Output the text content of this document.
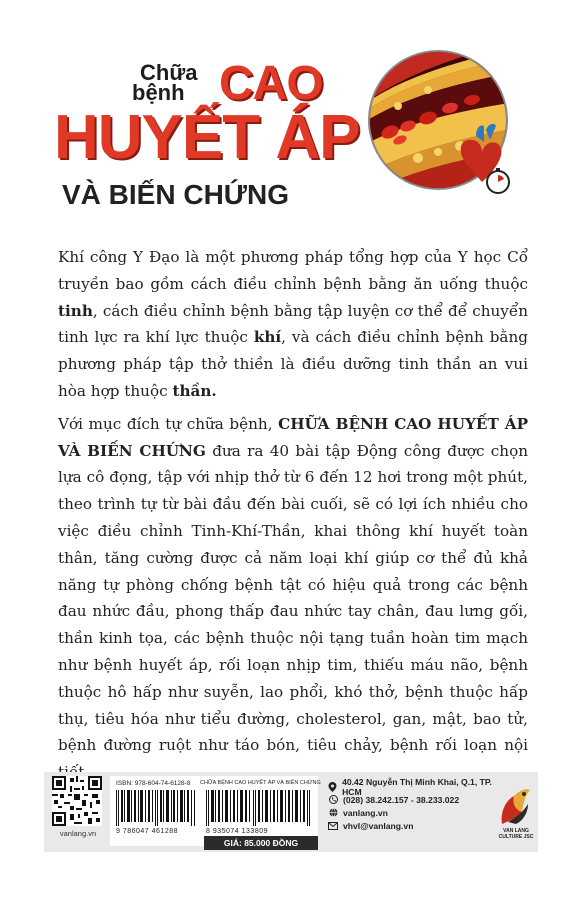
Chữa
bệnh CAO
HUYẾT ÁP
VÀ BIẾN CHỨNG

Khí công Y Đạo là một phương pháp tổng hợp của Y học Cổ truyền bao gồm cách điều chỉnh bệnh bằng ăn uống thuộc tinh, cách điều chỉnh bệnh bằng tập luyện cơ thể để chuyển tinh lực ra khí lực thuộc khí, và cách điều chỉnh bệnh bằng phương pháp tập thở thiền là điều dưỡng tinh thần an vui hòa hợp thuộc thần.

Với mục đích tự chữa bệnh, CHỮA BỆNH CAO HUYẾT ÁP VÀ BIẾN CHỨNG đưa ra 40 bài tập Động công được chọn lựa cô đọng, tập với nhịp thở từ 6 đến 12 hơi trong một phút, theo trình tự từ bài đầu đến bài cuối, sẽ có lợi ích nhiều cho việc điều chỉnh Tinh-Khí-Thần, khai thông khí huyết toàn thân, tăng cường được cả năm loại khí giúp cơ thể đủ khả năng tự phòng chống bệnh tật có hiệu quả trong các bệnh đau nhức đầu, phong thấp đau nhức tay chân, đau lưng gối, thần kinh tọa, các bệnh thuộc nội tạng tuần hoàn tim mạch như bệnh huyết áp, rối loạn nhịp tim, thiếu máu não, bệnh thuộc hô hấp như suyễn, lao phổi, khó thở, bệnh thuộc hấp thụ, tiêu hóa như tiểu đường, cholesterol, gan, mật, bao tử, bệnh đường ruột như táo bón, tiêu chảy, bệnh rối loạn nội

vanlang.vn
ISBN: 978-604-74-6128-8 CHỮA BỆNH CAO HUYẾT ÁP VÀ BIẾN CHỨNG
9 786047 461288	8 935074 133809
GIÁ: 85.000 ĐỒNG
40.42 Nguyễn Thị Minh Khai, Q.1, TP. HCM
(028) 38.242.157 - 38.233.022
vanlang.vn
vhvl@vanlang.vn	VAN LANG CULTURE JSC
